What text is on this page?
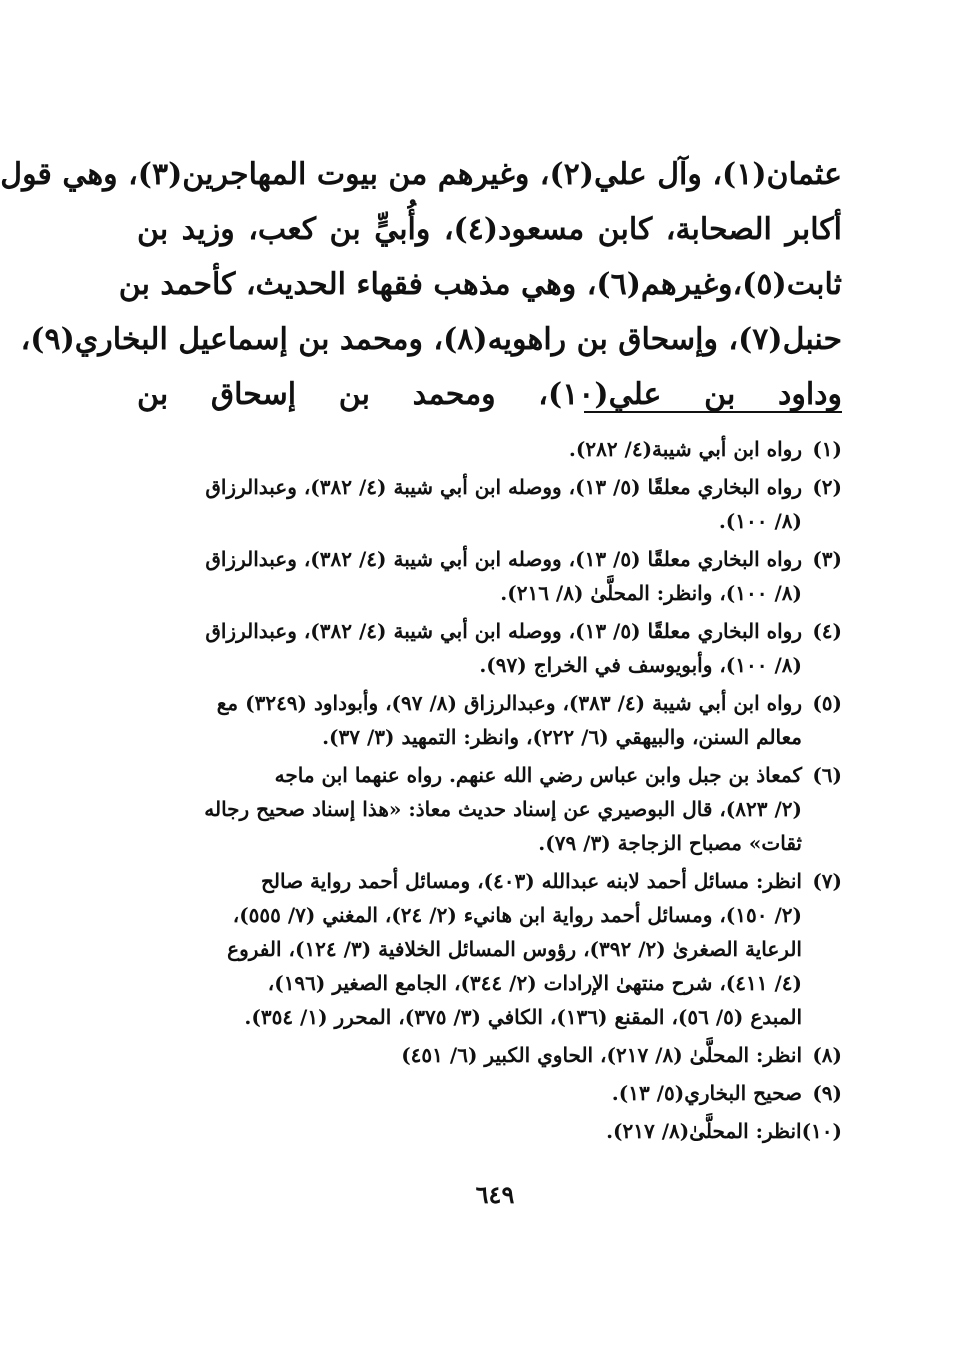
عثمان(١)، وآل علي(٢)، وغيرهم من بيوت المهاجرين(٣)، وهي قول
أكابر الصحابة، كابن مسعود(٤)، وأُبيٍّ بن كعب، وزيد بن
ثابت(٥)،وغيرهم(٦)، وهي مذهب فقهاء الحديث، كأحمد بن
حنبل(٧)، وإسحاق بن راهويه(٨)، ومحمد بن إسماعيل البخاري(٩)،
وداود بن علي(١٠)، ومحمد بن إسحاق بن
(١)
رواه ابن أبي شيبة(٤/ ٢٨٢).
(٢)
رواه البخاري معلقًا (٥/ ١٣)، ووصله ابن أبي شيبة (٤/ ٣٨٢)، وعبدالرزاق
(٨/ ١٠٠).
(٣)
رواه البخاري معلقًا (٥/ ١٣)، ووصله ابن أبي شيبة (٤/ ٣٨٢)، وعبدالرزاق
(٨/ ١٠٠)، وانظر: المحلَّىٰ (٨/ ٢١٦).
(٤)
رواه البخاري معلقًا (٥/ ١٣)، ووصله ابن أبي شيبة (٤/ ٣٨٢)، وعبدالرزاق
(٨/ ١٠٠)، وأبويوسف في الخراج (٩٧).
(٥)
رواه ابن أبي شيبة (٤/ ٣٨٣)، وعبدالرزاق (٨/ ٩٧)، وأبوداود (٣٢٤٩) مع
معالم السنن، والبيهقي (٦/ ٢٢٢)، وانظر: التمهيد (٣/ ٣٧).
(٦)
كمعاذ بن جبل وابن عباس رضي الله عنهم. رواه عنهما ابن ماجه
(٢/ ٨٢٣)، قال البوصيري عن إسناد حديث معاذ: «هذا إسناد صحيح رجاله
ثقات» مصباح الزجاجة (٣/ ٧٩).
(٧)
انظر: مسائل أحمد لابنه عبدالله (٤٠٣)، ومسائل أحمد رواية صالح
(٢/ ١٥٠)، ومسائل أحمد رواية ابن هانيء (٢/ ٢٤)، المغني (٧/ ٥٥٥)،
الرعاية الصغرىٰ (٢/ ٣٩٢)، رؤوس المسائل الخلافية (٣/ ١٢٤)، الفروع
(٤/ ٤١١)، شرح منتهىٰ الإرادات (٢/ ٣٤٤)، الجامع الصغير (١٩٦)،
المبدع (٥/ ٥٦)، المقنع (١٣٦)، الكافي (٣/ ٣٧٥)، المحرر (١/ ٣٥٤).
(٨)
انظر: المحلَّىٰ (٨/ ٢١٧)، الحاوي الكبير (٦/ ٤٥١)
(٩)
صحيح البخاري(٥/ ١٣).
(١٠)
انظر: المحلَّىٰ(٨/ ٢١٧).
٦٤٩
